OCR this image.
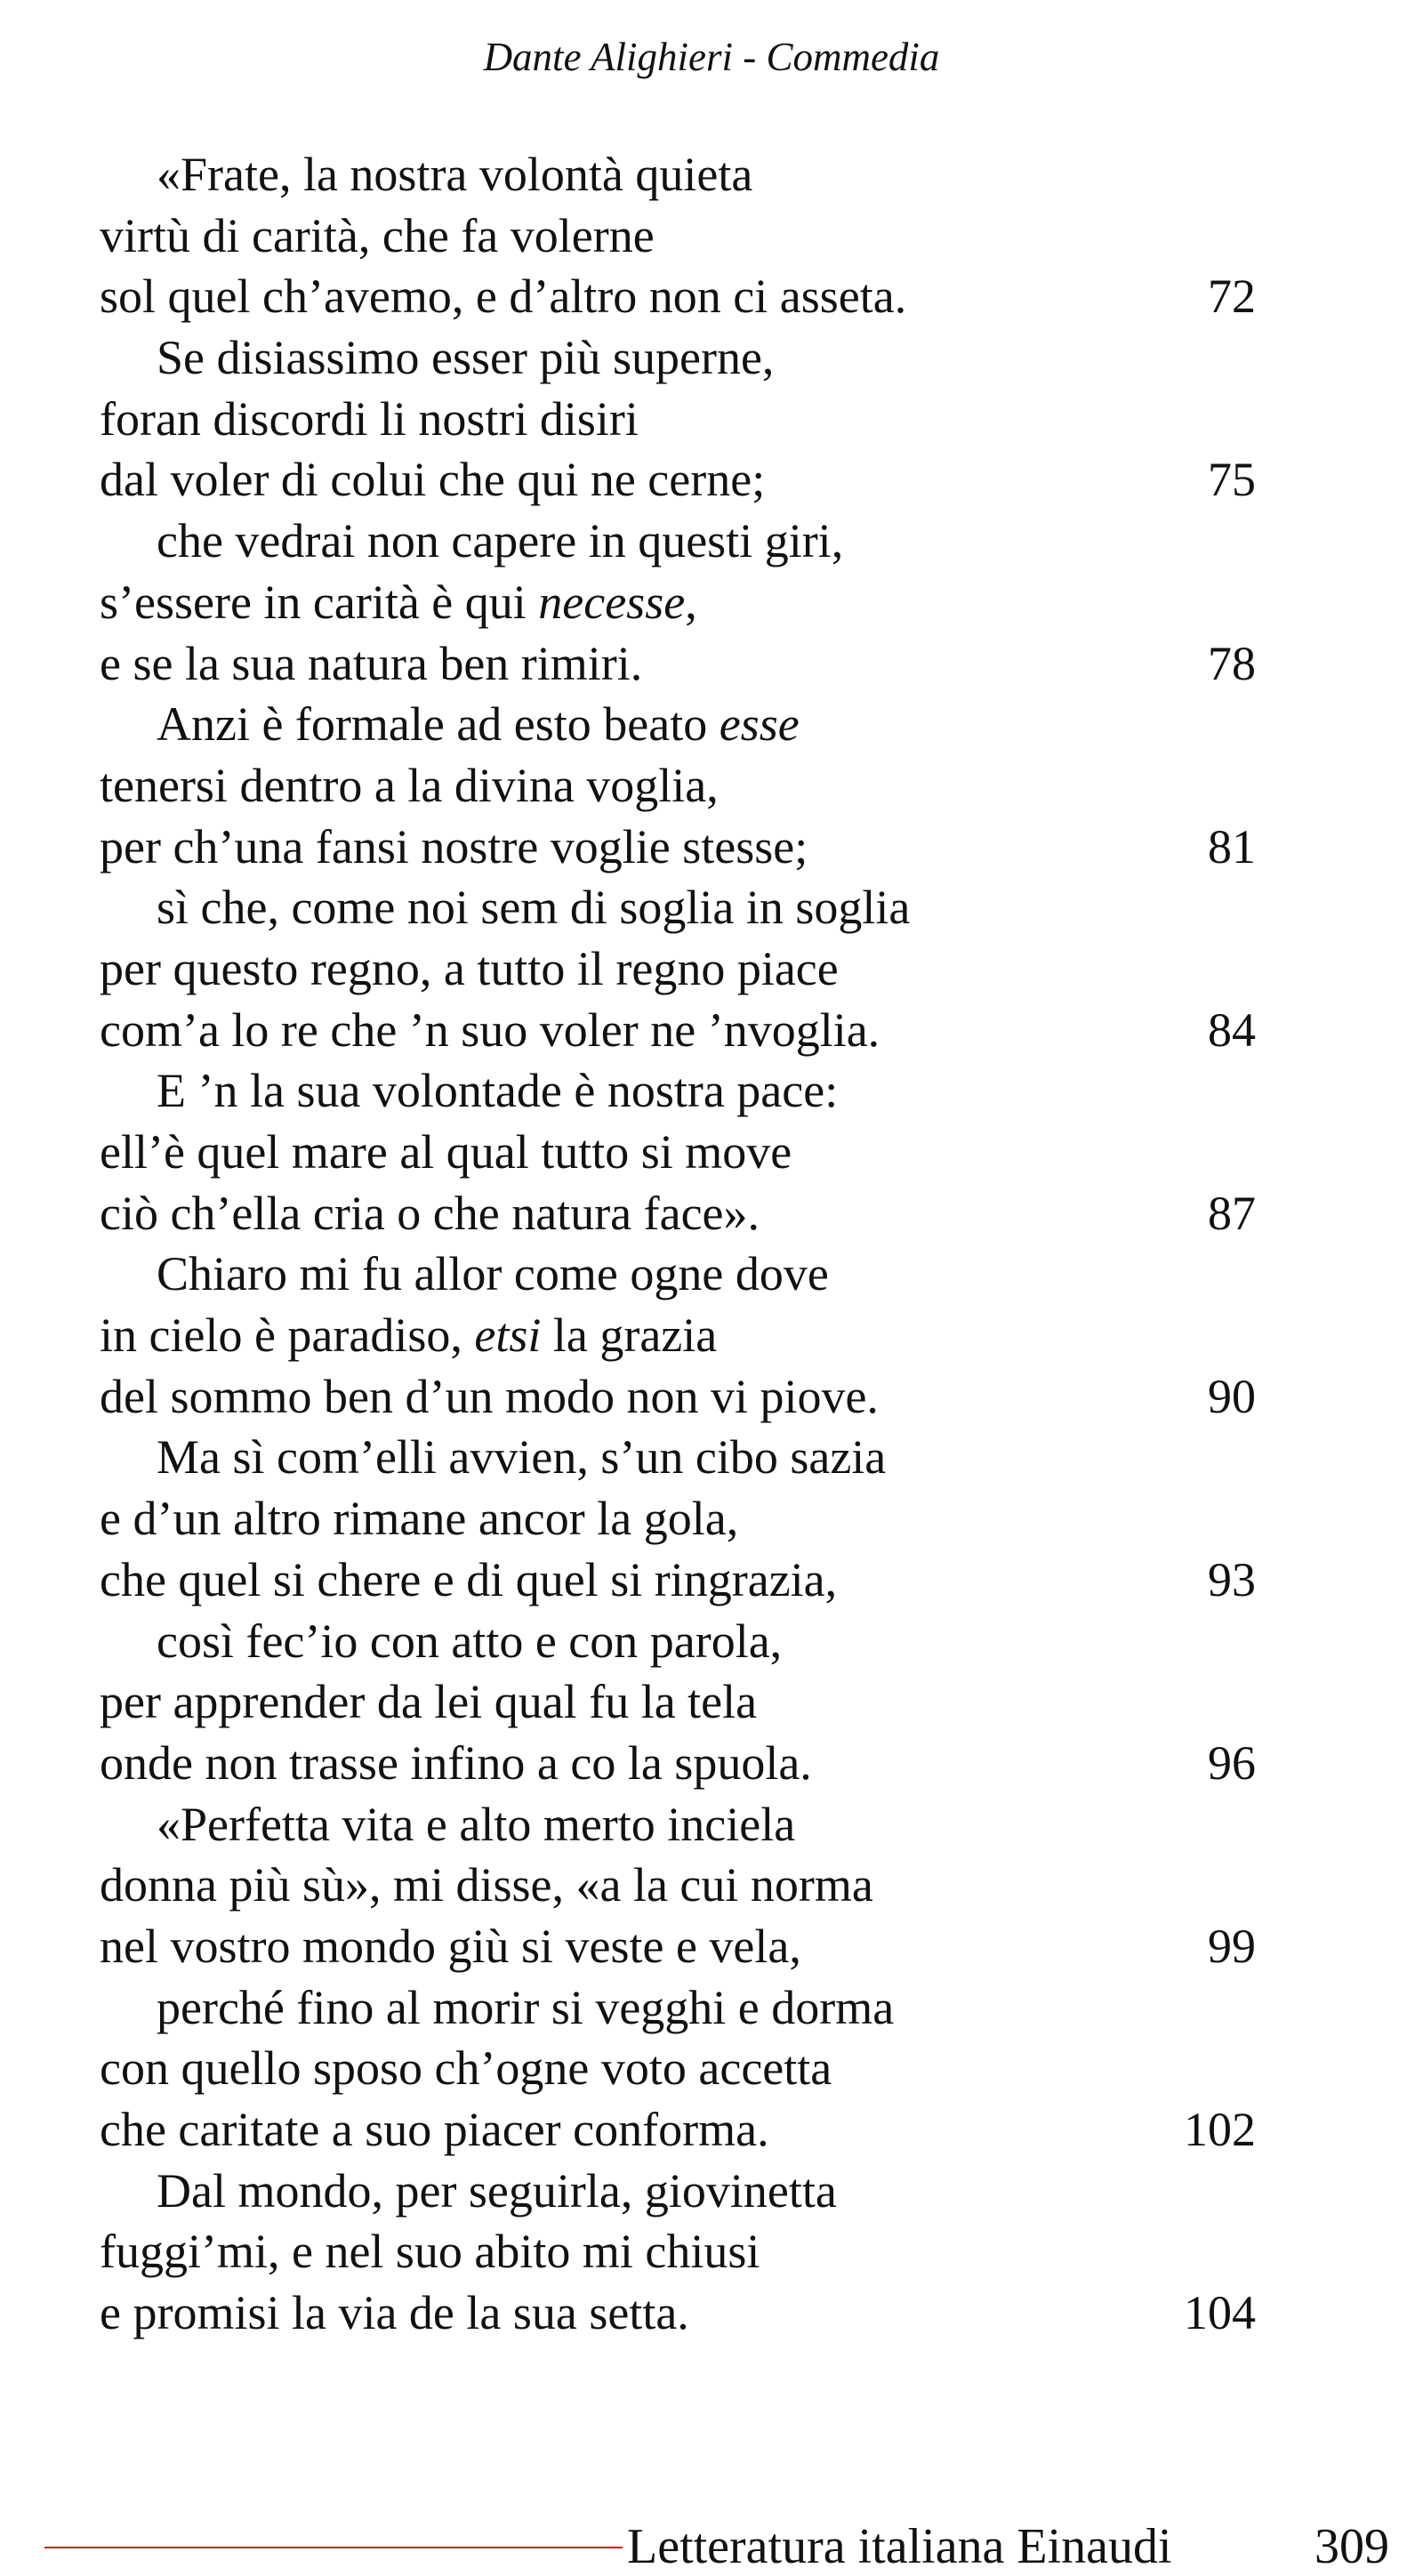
Dante Alighieri - Commedia
«Frate, la nostra volontà quieta
virtù di carità, che fa volerne
sol quel ch’avemo, e d’altro non ci asseta.	72
Se disiassimo esser più superne,
foran discordi li nostri disiri
dal voler di colui che qui ne cerne;	75
che vedrai non capere in questi giri,
s’essere in carità è qui necesse,
e se la sua natura ben rimiri.	78
Anzi è formale ad esto beato esse
tenersi dentro a la divina voglia,
per ch’una fansi nostre voglie stesse;	81
sì che, come noi sem di soglia in soglia
per questo regno, a tutto il regno piace
com’a lo re che ’n suo voler ne ’nvoglia.	84
E ’n la sua volontade è nostra pace:
ell’è quel mare al qual tutto si move
ciò ch’ella cria o che natura face».	87
Chiaro mi fu allor come ogne dove
in cielo è paradiso, etsi la grazia
del sommo ben d’un modo non vi piove.	90
Ma sì com’elli avvien, s’un cibo sazia
e d’un altro rimane ancor la gola,
che quel si chere e di quel si ringrazia,	93
così fec’io con atto e con parola,
per apprender da lei qual fu la tela
onde non trasse infino a co la spuola.	96
«Perfetta vita e alto merto inciela
donna più sù», mi disse, «a la cui norma
nel vostro mondo giù si veste e vela,	99
perché fino al morir si vegghi e dorma
con quello sposo ch’ogne voto accetta
che caritate a suo piacer conforma.	102
Dal mondo, per seguirla, giovinetta
fuggi’mi, e nel suo abito mi chiusi
e promisi la via de la sua setta.	104
Letteratura italiana Einaudi	309
